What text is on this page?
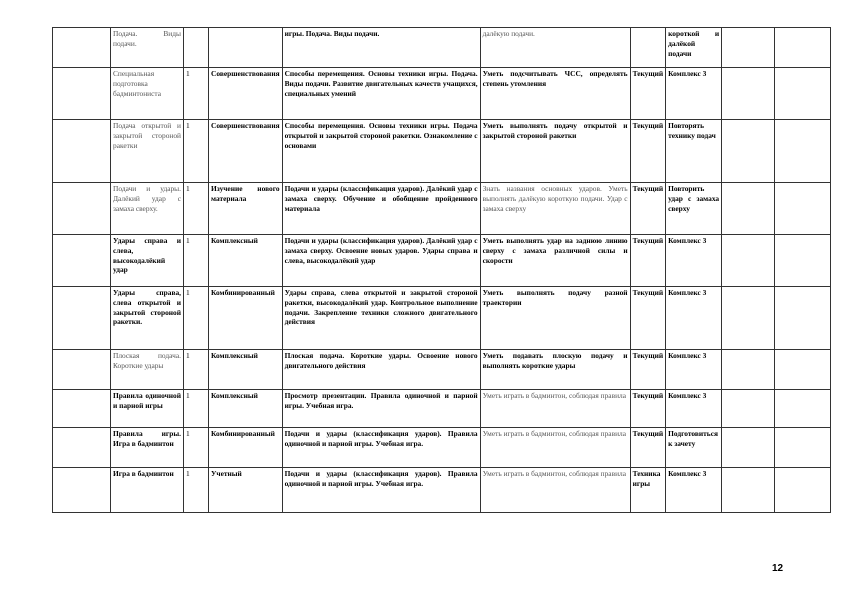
	Подача. Виды подачи.			игры. Подача. Виды подачи.	далёкую подачи.		короткой и далёкой подачи		
	Специальная подготовка бадминтониста	1	Совершенствования	Способы перемещения. Основы техники игры. Подача. Виды подачи. Развитие двигательных качеств учащихся, специальных умений	Уметь подсчитывать ЧСС, определять степень утомления	Текущий	Комплекс 3		
	Подача открытой и закрытой стороной ракетки	1	Совершенствования	Способы перемещения. Основы техники игры. Подача открытой и закрытой стороной ракетки. Ознакомление с основами	Уметь выполнять подачу открытой и закрытой стороной ракетки	Текущий	Повторять технику подач		
	Подачи и удары. Далёкий удар с замаха сверху.	1	Изучение нового материала	Подачи и удары (классификация ударов). Далёкий удар с замаха сверху. Обучение и обобщение пройденного материала	Знать названия основных ударов. Уметь выполнять далёкую короткую подачи. Удар с замаха сверху	Текущий	Повторить удар с замаха сверху		
	Удары справа и слева, высокодалёкий удар	1	Комплексный	Подачи и удары (классификация ударов). Далёкий удар с замаха сверху. Освоение новых ударов. Удары справа и слева, высокодалёкий удар	Уметь выполнять удар на заднюю линию сверху с замаха различной силы и скорости	Текущий	Комплекс 3		
	Удары справа, слева открытой и закрытой стороной ракетки.	1	Комбинированный	Удары справа, слева открытой и закрытой стороной ракетки, высокодалёкий удар. Контрольное выполнение подачи. Закрепление техники сложного двигательного действия	Уметь выполнять подачу разной траектории	Текущий	Комплекс 3		
	Плоская подача. Короткие удары	1	Комплексный	Плоская подача. Короткие удары. Освоение нового двигательного действия	Уметь подавать плоскую подачу и выполнять короткие удары	Текущий	Комплекс 3		
	Правила одиночной и парной игры	1	Комплексный	Просмотр презентации. Правила одиночной и парной игры. Учебная игра.	Уметь играть в бадминтон, соблюдая правила	Текущий	Комплекс 3		
	Правила игры. Игра в бадминтон	1	Комбинированный	Подачи и удары (классификация ударов). Правила одиночной и парной игры. Учебная игра.	Уметь играть в бадминтон, соблюдая правила	Текущий	Подготовиться к зачету		
	Игра в бадминтон	1	Учетный	Подачи и удары (классификация ударов). Правила одиночной и парной игры. Учебная игра.	Уметь играть в бадминтон, соблюдая правила	Техника игры	Комплекс 3		
12
